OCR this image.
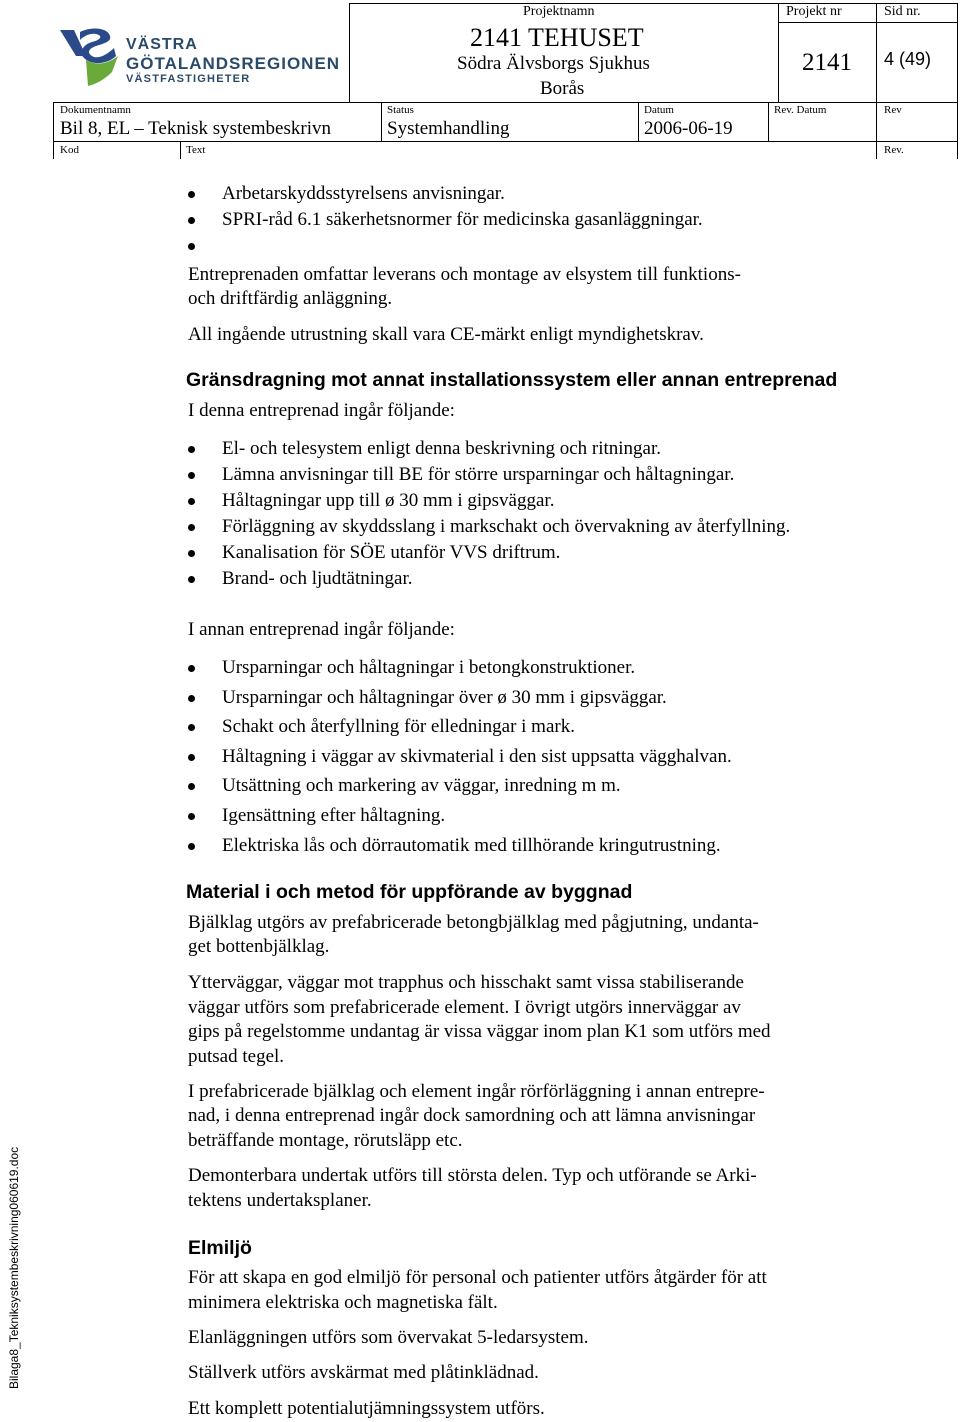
VÄSTRA
GÖTALANDSREGIONEN
VÄSTFASTIGHETER
Projektnamn
2141 TEHUSET
Södra Älvsborgs Sjukhus
Borås
Projekt nr
2141
Sid nr.
4 (49)
Dokumentnamn
Bil 8, EL – Teknisk systembeskrivn
Status
Systemhandling
Datum
2006-06-19
Rev. Datum	Rev
Kod	Text	Rev.
Arbetarskyddsstyrelsens anvisningar.
SPRI-råd 6.1 säkerhetsnormer för medicinska gasanläggningar.
Entreprenaden omfattar leverans och montage av elsystem till funktions-
och driftfärdig anläggning.
All ingående utrustning skall vara CE-märkt enligt myndighetskrav.
Gränsdragning mot annat installationssystem eller annan entreprenad
I denna entreprenad ingår följande:
El- och telesystem enligt denna beskrivning och ritningar.
Lämna anvisningar till BE för större ursparningar och håltagningar.
Håltagningar upp till ø 30 mm i gipsväggar.
Förläggning av skyddsslang i markschakt och övervakning av återfyllning.
Kanalisation för SÖE utanför VVS driftrum.
Brand- och ljudtätningar.
I annan entreprenad ingår följande:
Ursparningar och håltagningar i betongkonstruktioner.
Ursparningar och håltagningar över ø 30 mm i gipsväggar.
Schakt och återfyllning för elledningar i mark.
Håltagning i väggar av skivmaterial i den sist uppsatta vägghalvan.
Utsättning och markering av väggar, inredning m m.
Igensättning efter håltagning.
Elektriska lås och dörrautomatik med tillhörande kringutrustning.
Material i och metod för uppförande av byggnad
Bjälklag utgörs av prefabricerade betongbjälklag med pågjutning, undanta-
get bottenbjälklag.
Ytterväggar, väggar mot trapphus och hisschakt samt vissa stabiliserande
väggar utförs som prefabricerade element. I övrigt utgörs innerväggar av
gips på regelstomme undantag är vissa väggar inom plan K1 som utförs med
putsad tegel.
I prefabricerade bjälklag och element ingår rörförläggning i annan entrepre-
nad, i denna entreprenad ingår dock samordning och att lämna anvisningar
beträffande montage, rörutsläpp etc.
Demonterbara undertak utförs till största delen. Typ och utförande se Arki-
tektens undertaksplaner.
Elmiljö
För att skapa en god elmiljö för personal och patienter utförs åtgärder för att
minimera elektriska och magnetiska fält.
Elanläggningen utförs som övervakat 5-ledarsystem.
Ställverk utförs avskärmat med plåtinklädnad.
Ett komplett potentialutjämningssystem utförs.
Bilaga8_Tekniksystembeskrivning060619.doc
